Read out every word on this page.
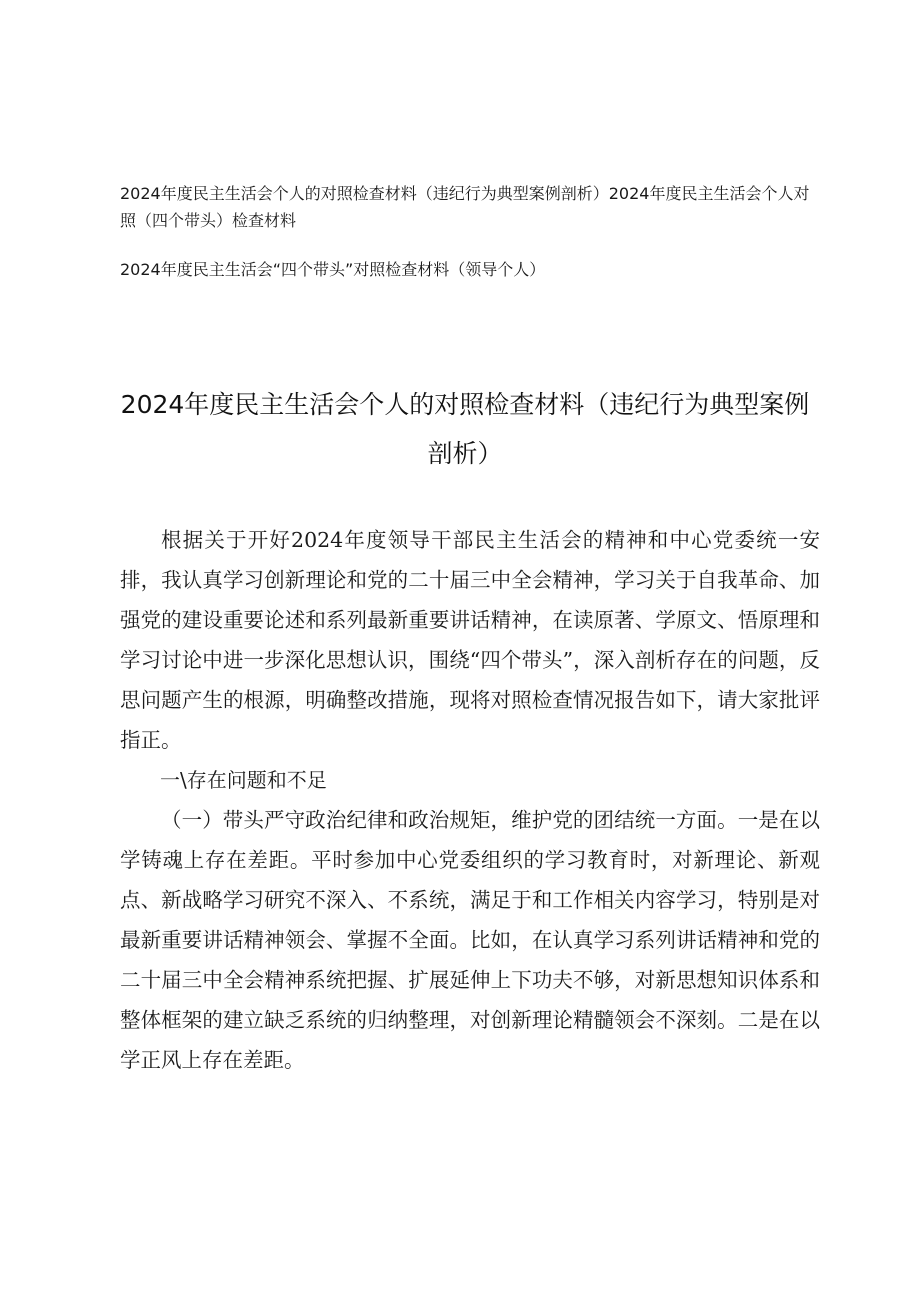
2024年度民主生活会个人的对照检查材料（违纪行为典型案例剖析）2024年度民主生活会个人对照（四个带头）检查材料

2024年度民主生活会“四个带头”对照检查材料（领导个人）

2024年度民主生活会个人的对照检查材料（违纪行为典型案例剖析）

根据关于开好2024年度领导干部民主生活会的精神和中心党委统一安排，我认真学习创新理论和党的二十届三中全会精神，学习关于自我革命、加强党的建设重要论述和系列最新重要讲话精神，在读原著、学原文、悟原理和学习讨论中进一步深化思想认识，围绕“四个带头”，深入剖析存在的问题，反思问题产生的根源，明确整改措施，现将对照检查情况报告如下，请大家批评指正。

一\存在问题和不足

（一）带头严守政治纪律和政治规矩，维护党的团结统一方面。一是在以学铸魂上存在差距。平时参加中心党委组织的学习教育时，对新理论、新观点、新战略学习研究不深入、不系统，满足于和工作相关内容学习，特别是对最新重要讲话精神领会、掌握不全面。比如，在认真学习系列讲话精神和党的二十届三中全会精神系统把握、扩展延伸上下功夫不够，对新思想知识体系和整体框架的建立缺乏系统的归纳整理，对创新理论精髓领会不深刻。二是在以学正风上存在差距。
